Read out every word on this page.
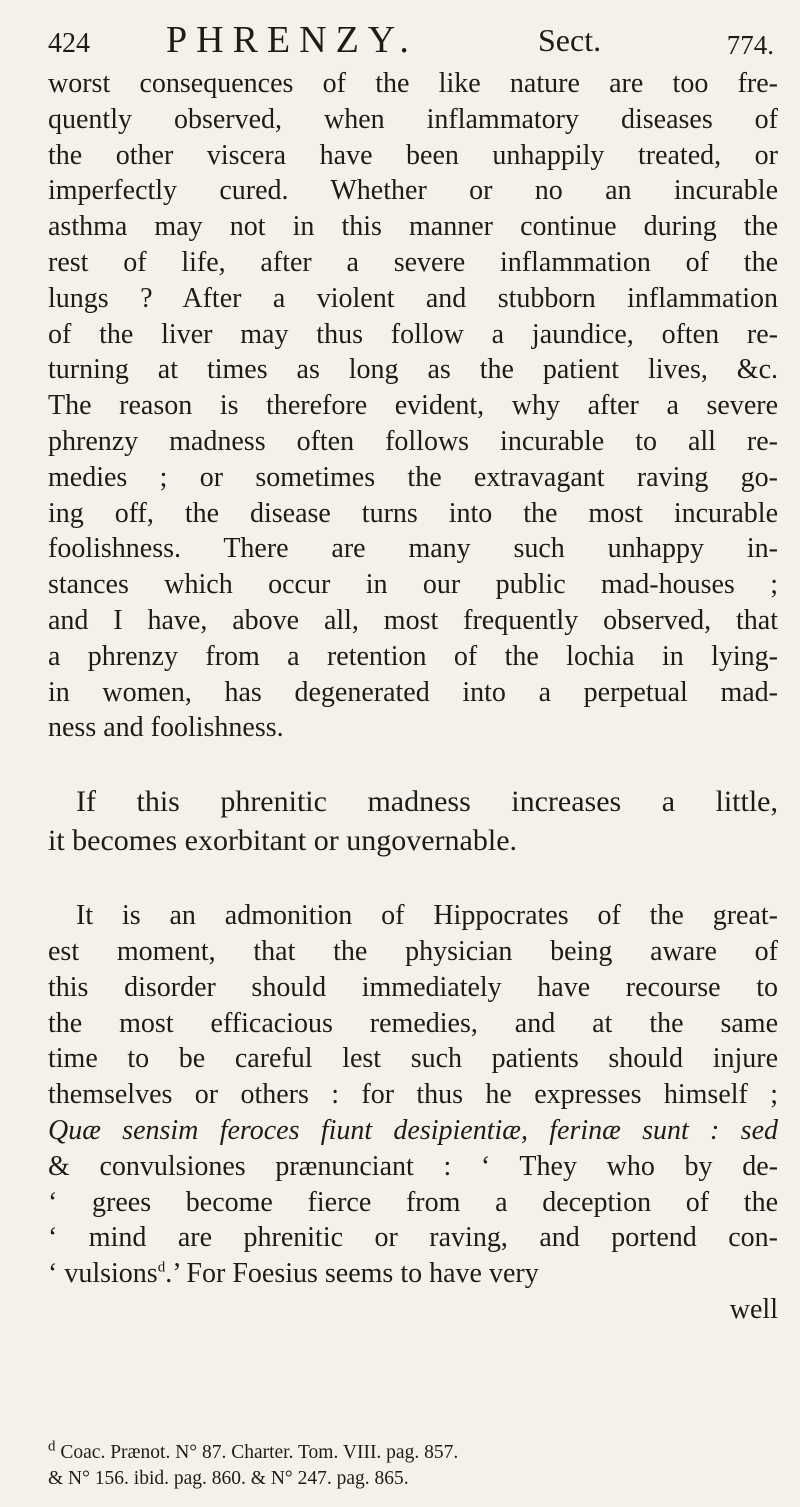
424 PHRENZY.	Sect.	774.
worst consequences of the like nature are too fre-
quently observed, when inflammatory diseases of
the other viscera have been unhappily treated, or
imperfectly cured. Whether or no an incurable
asthma may not in this manner continue during the
rest of life, after a severe inflammation of the
lungs ? After a violent and stubborn inflammation
of the liver may thus follow a jaundice, often re-
turning at times as long as the patient lives, &c.
The reason is therefore evident, why after a severe
phrenzy madness often follows incurable to all re-
medies ; or sometimes the extravagant raving go-
ing off, the disease turns into the most incurable
foolishness. There are many such unhappy in-
stances which occur in our public mad-houses ;
and I have, above all, most frequently observed, that
a phrenzy from a retention of the lochia in lying-
in women, has degenerated into a perpetual mad-
ness and foolishness.
If this phrenitic madness increases a little,
it becomes exorbitant or ungovernable.
It is an admonition of Hippocrates of the great-
est moment, that the physician being aware of
this disorder should immediately have recourse to
the most efficacious remedies, and at the same
time to be careful lest such patients should injure
themselves or others : for thus he expresses himself ;
Quæ sensim feroces fiunt desipientiæ, ferinæ sunt : sed
& convulsiones prænunciant : ‘ They who by de-
‘ grees become fierce from a deception of the
‘ mind are phrenitic or raving, and portend con-
‘ vulsions$^d$.’ For Foesius seems to have very
well
$^d$ Coac. Prænot. N° 87. Charter. Tom. VIII. pag. 857.
& N° 156. ibid. pag. 860. & N° 247. pag. 865.
